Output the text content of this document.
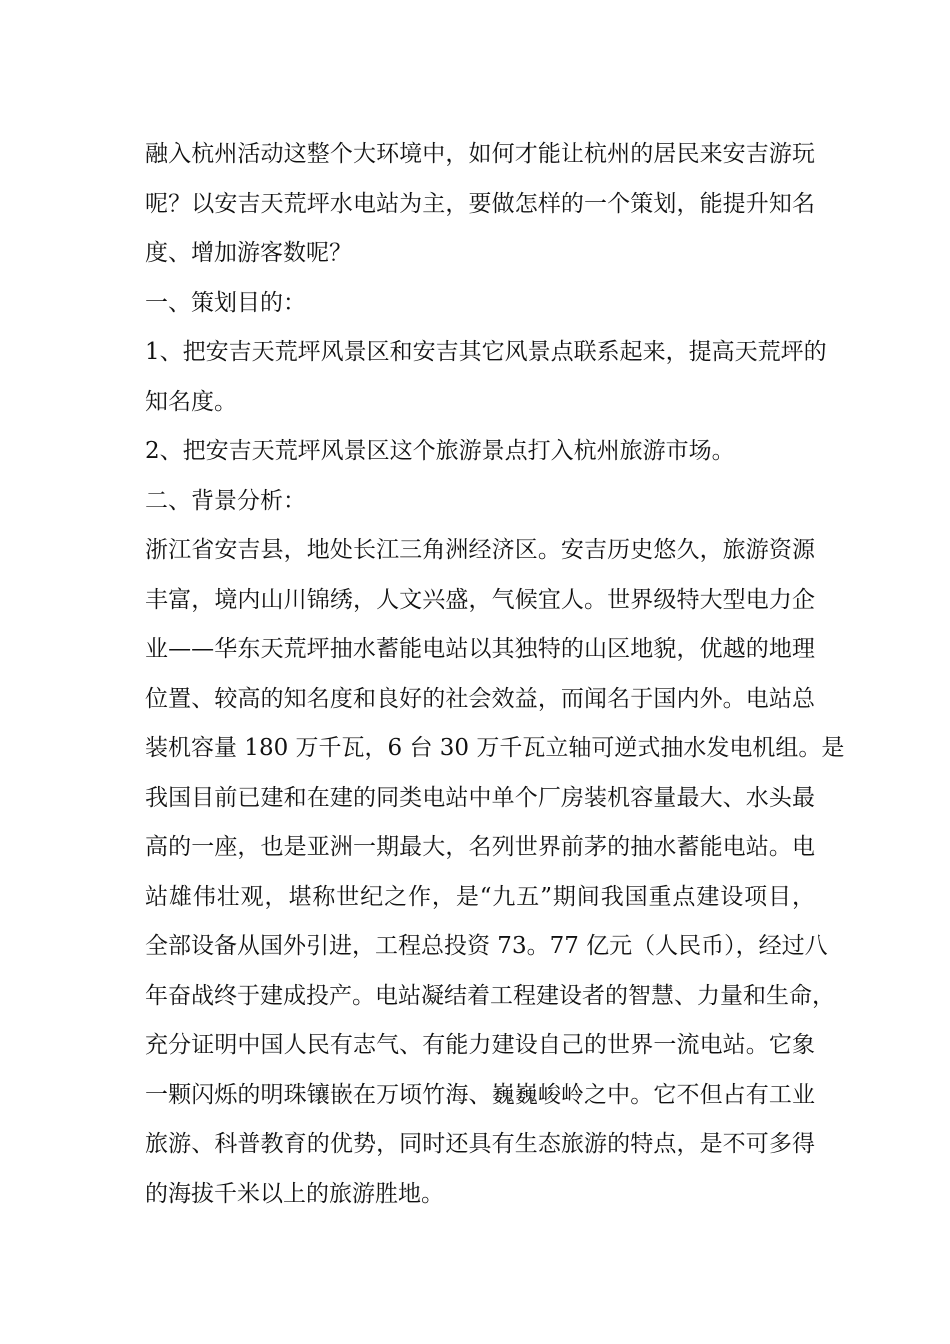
融入杭州活动这整个大环境中，如何才能让杭州的居民来安吉游玩
呢？以安吉天荒坪水电站为主，要做怎样的一个策划，能提升知名
度、增加游客数呢？
一、策划目的：
1、把安吉天荒坪风景区和安吉其它风景点联系起来，提高天荒坪的
知名度。
2、把安吉天荒坪风景区这个旅游景点打入杭州旅游市场。
二、背景分析：
浙江省安吉县，地处长江三角洲经济区。安吉历史悠久，旅游资源
丰富，境内山川锦绣，人文兴盛，气候宜人。世界级特大型电力企
业——华东天荒坪抽水蓄能电站以其独特的山区地貌，优越的地理
位置、较高的知名度和良好的社会效益，而闻名于国内外。电站总
装机容量 180 万千瓦，6 台 30 万千瓦立轴可逆式抽水发电机组。是
我国目前已建和在建的同类电站中单个厂房装机容量最大、水头最
高的一座，也是亚洲一期最大，名列世界前茅的抽水蓄能电站。电
站雄伟壮观，堪称世纪之作，是“九五”期间我国重点建设项目，
全部设备从国外引进，工程总投资 73。77 亿元（人民币），经过八
年奋战终于建成投产。电站凝结着工程建设者的智慧、力量和生命，
充分证明中国人民有志气、有能力建设自己的世界一流电站。它象
一颗闪烁的明珠镶嵌在万顷竹海、巍巍峻岭之中。它不但占有工业
旅游、科普教育的优势，同时还具有生态旅游的特点，是不可多得
的海拔千米以上的旅游胜地。
